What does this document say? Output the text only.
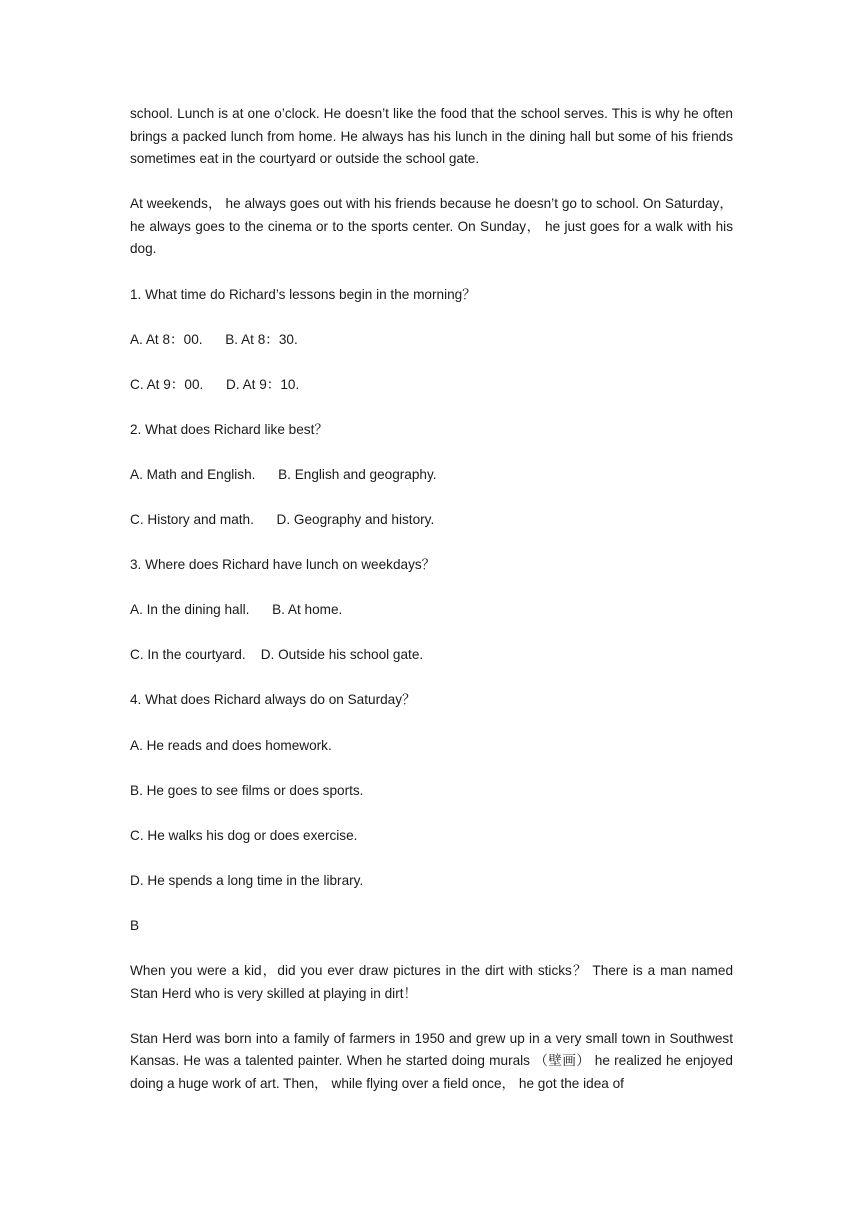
school. Lunch is at one o’clock. He doesn’t like the food that the school serves. This is why he often brings a packed lunch from home. He always has his lunch in the dining hall but some of his friends sometimes eat in the courtyard or outside the school gate.

At weekends， he always goes out with his friends because he doesn’t go to school. On Saturday，he always goes to the cinema or to the sports center. On Sunday， he just goes for a walk with his dog.

1. What time do Richard’s lessons begin in the morning？

A. At 8：00.      B. At 8：30.

C. At 9：00.      D. At 9：10.

2. What does Richard like best？

A. Math and English.      B. English and geography.

C. History and math.      D. Geography and history.

3. Where does Richard have lunch on weekdays？

A. In the dining hall.      B. At home.

C. In the courtyard.    D. Outside his school gate.

4. What does Richard always do on Saturday？

A. He reads and does homework.

B. He goes to see films or does sports.

C. He walks his dog or does exercise.

D. He spends a long time in the library.

B

When you were a kid，did you ever draw pictures in the dirt with sticks？ There is a man named Stan Herd who is very skilled at playing in dirt！

Stan Herd was born into a family of farmers in 1950 and grew up in a very small town in Southwest Kansas. He was a talented painter. When he started doing murals （壁画） he realized he enjoyed doing a huge work of art. Then， while flying over a field once， he got the idea of
